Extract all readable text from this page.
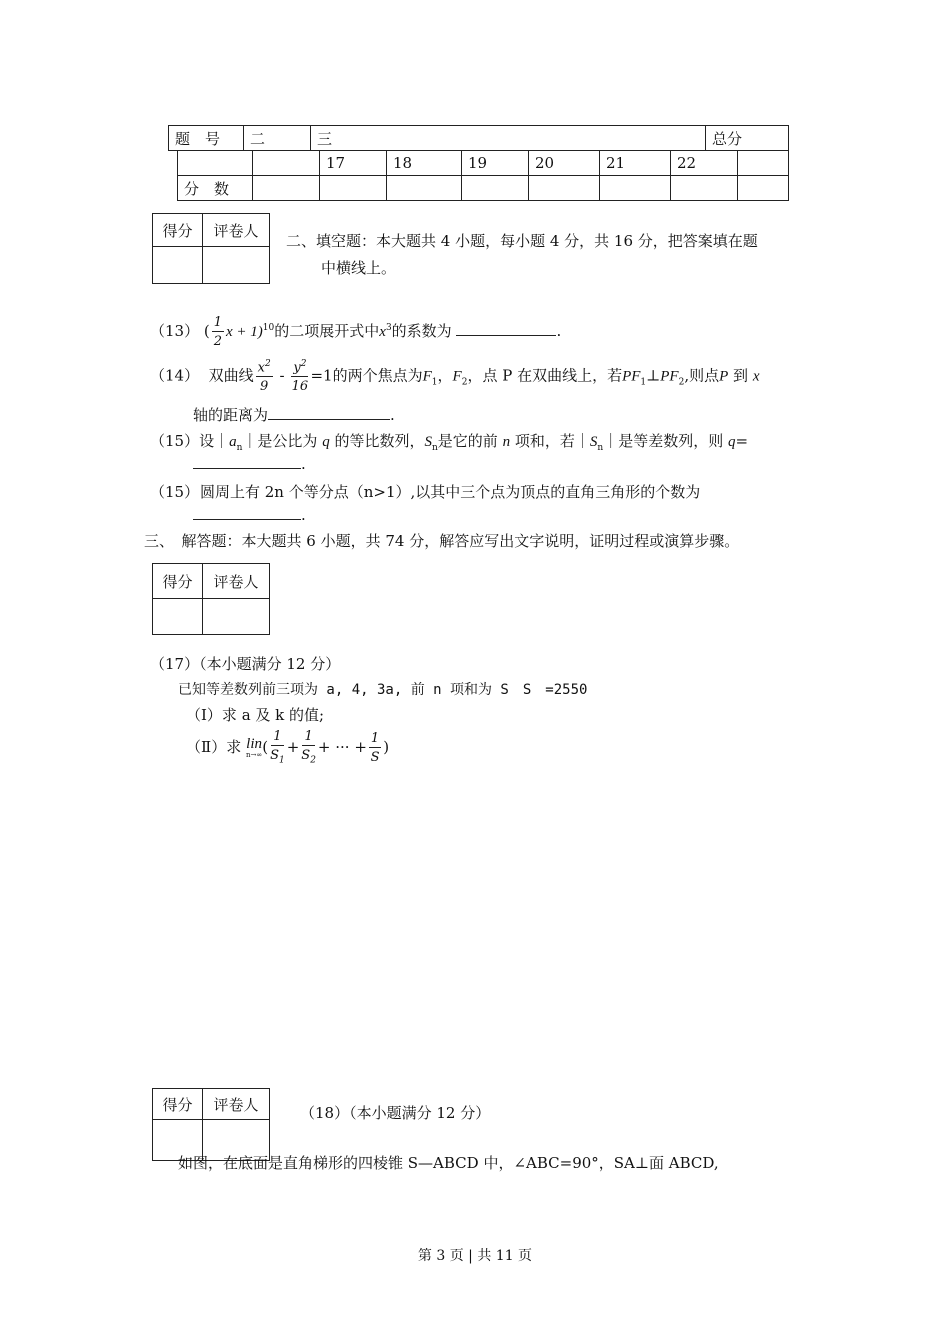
题　号	二	三	总分
		17	18	19	20	21	22	
分　数								
得分	评卷人

二、填空题：本大题共 4 小题，每小题 4 分，共 16 分，把答案填在题
中横线上。
（13） ( $\frac{1}{2}$ x + 1)$^{10}$的二项展开式中$x^3$的系数为	.
（14） 双曲线 $\frac{x^2}{9} - \frac{y^2}{16} =1$的两个焦点为$F_1$，$F_2$，点 P 在双曲线上，若$PF_1\perp PF_2$,则点P 到 x
轴的距离为	.
（15）设$|a_n|$是公比为 q 的等比数列，$S_n$是它的前 n 项和，若$|S_n|$是等差数列，则 q=
.
圆周上有 2n 个等分点（n>1）,以其中三个点为顶点的直角三角形的个数为
（15）
.
三、　解答题：本大题共 6 小题，共 74 分，解答应写出文字说明，证明过程或演算步骤。
得分	评卷人

（17）（本小题满分 12 分）
已知等差数列前三项为 a, 4, 3a, 前 n 项和为 S　S　=2550
（Ⅰ）求 a 及 k 的值;
（Ⅱ）求 lin
n→∞ ( $\frac{1}{S_1} + \frac{1}{S_2}$ + ··· + $\frac{1}{S}$ )
得分	评卷人
		（18）（本小题满分 12 分）
如图，在底面是直角梯形的四棱锥 S—ABCD 中，∠ABC=90°，SA⊥面 ABCD,
第 3 页 | 共 11 页
